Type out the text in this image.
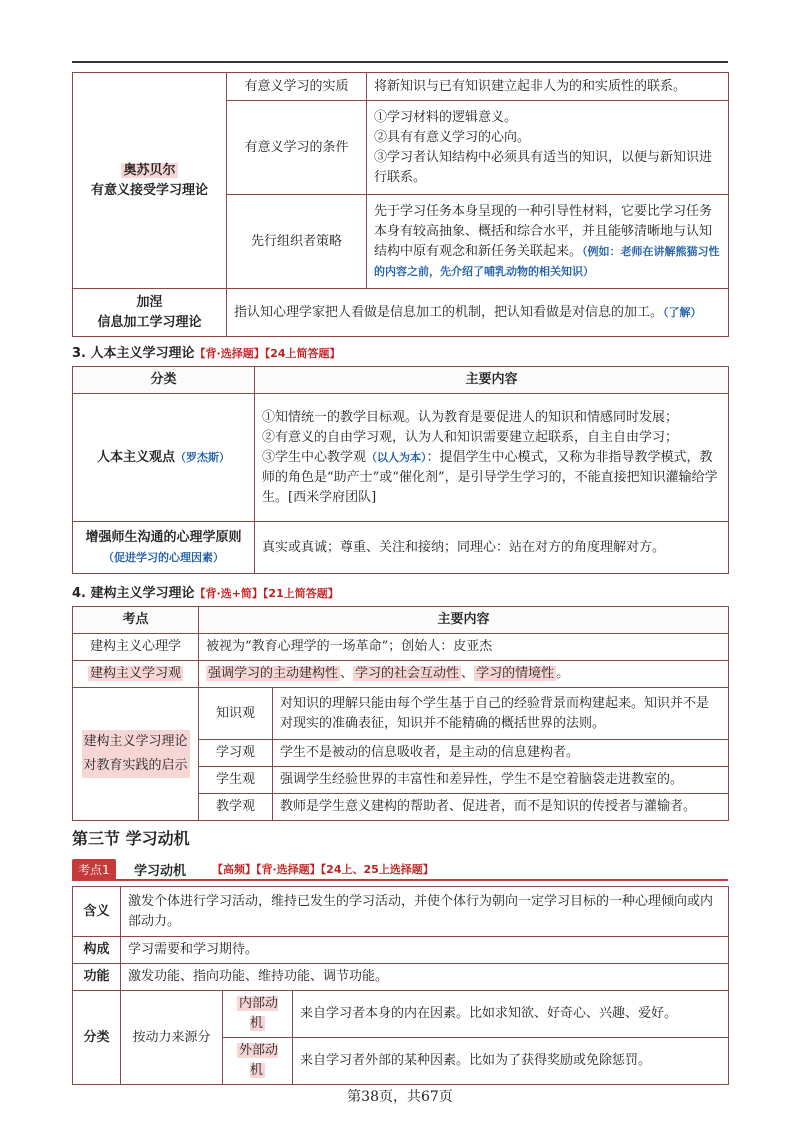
奥苏贝尔
有意义接受学习理论	有意义学习的实质	将新知识与已有知识建立起非人为的和实质性的联系。
	有意义学习的条件	①学习材料的逻辑意义。
②具有有意义学习的心向。
③学习者认知结构中必须具有适当的知识，以便与新知识进行联系。

	先行组织者策略	先于学习任务本身呈现的一种引导性材料，它要比学习任务本身有较高抽象、概括和综合水平，并且能够清晰地与认知结构中原有观念和新任务关联起来。（例如：老师在讲解熊猫习性的内容之前，先介绍了哺乳动物的相关知识）
加涅
信息加工学习理论	指认知心理学家把人看做是信息加工的机制，把认知看做是对信息的加工。（了解）	
3. 人本主义学习理论【背·选择题】【24上简答题】
分类	主要内容
人本主义观点（罗杰斯）	①知情统一的教学目标观。认为教育是要促进人的知识和情感同时发展；
②有意义的自由学习观，认为人和知识需要建立起联系，自主自由学习；
③学生中心教学观（以人为本）：提倡学生中心模式，又称为非指导教学模式，教师的角色是“助产士”或“催化剂”，是引导学生学习的，不能直接把知识灌输给学生。[西米学府团队]

增强师生沟通的心理学原则
（促进学习的心理因素）	真实或真诚；尊重、关注和接纳；同理心：站在对方的角度理解对方。
4. 建构主义学习理论【背·选+简】【21上简答题】
考点	主要内容	
建构主义心理学	被视为“教育心理学的一场革命”；创始人：皮亚杰	
建构主义学习观	强调学习的主动建构性 、 学习的社会互动性 、 学习的情境性 。	
建构主义学习理论对教育实践的启示	知识观	对知识的理解只能由每个学生基于自己的经验背景而构建起来。知识并不是对现实的准确表征，知识并不能精确的概括世界的法则。
	学习观	学生不是被动的信息吸收者，是主动的信息建构者。
	学生观	强调学生经验世界的丰富性和差异性，学生不是空着脑袋走进教室的。
	教学观	教师是学生意义建构的帮助者、促进者，而不是知识的传授者与灌输者。
第三节 学习动机
考点1	学习动机 【高频】【背·选择题】【24上、25上选择题】
含义	激发个体进行学习活动，维持已发生的学习活动，并使个体行为朝向一定学习目标的一种心理倾向或内部动力。		
构成	学习需要和学习期待。		
功能	激发功能、指向功能、维持功能、调节功能。		
分类	按动力来源分	内部动机	来自学习者本身的内在因素。比如求知欲、好奇心、兴趣、爱好。
		外部动机	来自学习者外部的某种因素。比如为了获得奖励或免除惩罚。
第38页，共67页
